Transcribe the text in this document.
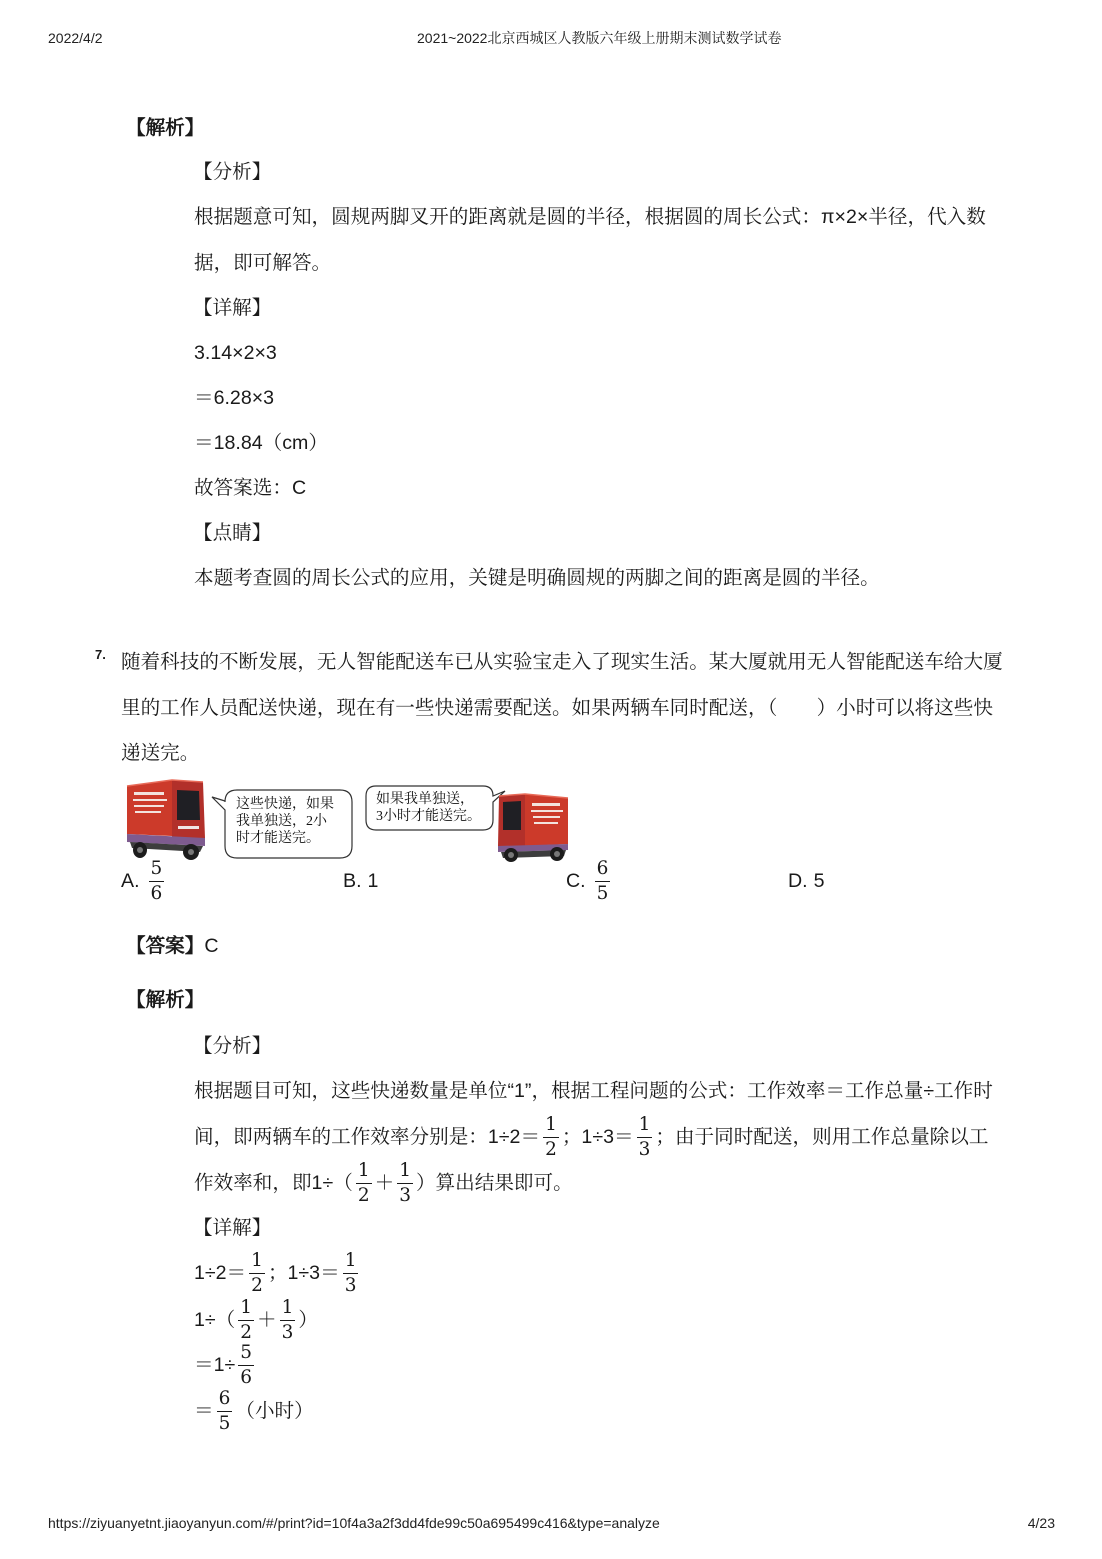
2022/4/2	2021~2022北京西城区人教版六年级上册期末测试数学试卷
【解析】
【分析】
根据题意可知，圆规两脚叉开的距离就是圆的半径，根据圆的周长公式：π×2×半径，代入数
据，即可解答。
【详解】
3.14×2×3
＝6.28×3
＝18.84（cm）
故答案选：C
【点睛】
本题考查圆的周长公式的应用，关键是明确圆规的两脚之间的距离是圆的半径。
7. 随着科技的不断发展，无人智能配送车已从实验宝走入了现实生活。某大厦就用无人智能配送车给大厦
里的工作人员配送快递，现在有一些快递需要配送。如果两辆车同时配送，（　　）小时可以将这些快
递送完。
这些快递，如果
我单独送，2小
时才能送完。
如果我单独送，
3小时才能送完。
A. $\frac{5}{6}$	B. 1	C. $\frac{6}{5}$	D. 5
【答案】 C
【解析】
【分析】
根据题目可知，这些快递数量是单位“1”，根据工程问题的公式：工作效率＝工作总量÷工作时
间，即两辆车的工作效率分别是：$1\div 2= \frac{1}{2}$ ；$1\div 3= \frac{1}{3}$ ；由于同时配送，则用工作总量除以工
作效率和，即$1\div( \frac{1}{2} + \frac{1}{3}$ ）算出结果即可。
【详解】
$1\div 2= \frac{1}{2}$ ；$1\div 3= \frac{1}{3}$
$1\div( \frac{1}{2} + \frac{1}{3}$ ）
$=1\div \frac{5}{6}$
＝ $\frac{6}{5}$ （小时）
https://ziyuanyetnt.jiaoyanyun.com/#/print?id=10f4a3a2f3dd4fde99c50a695499c416&type=analyze	4/23
